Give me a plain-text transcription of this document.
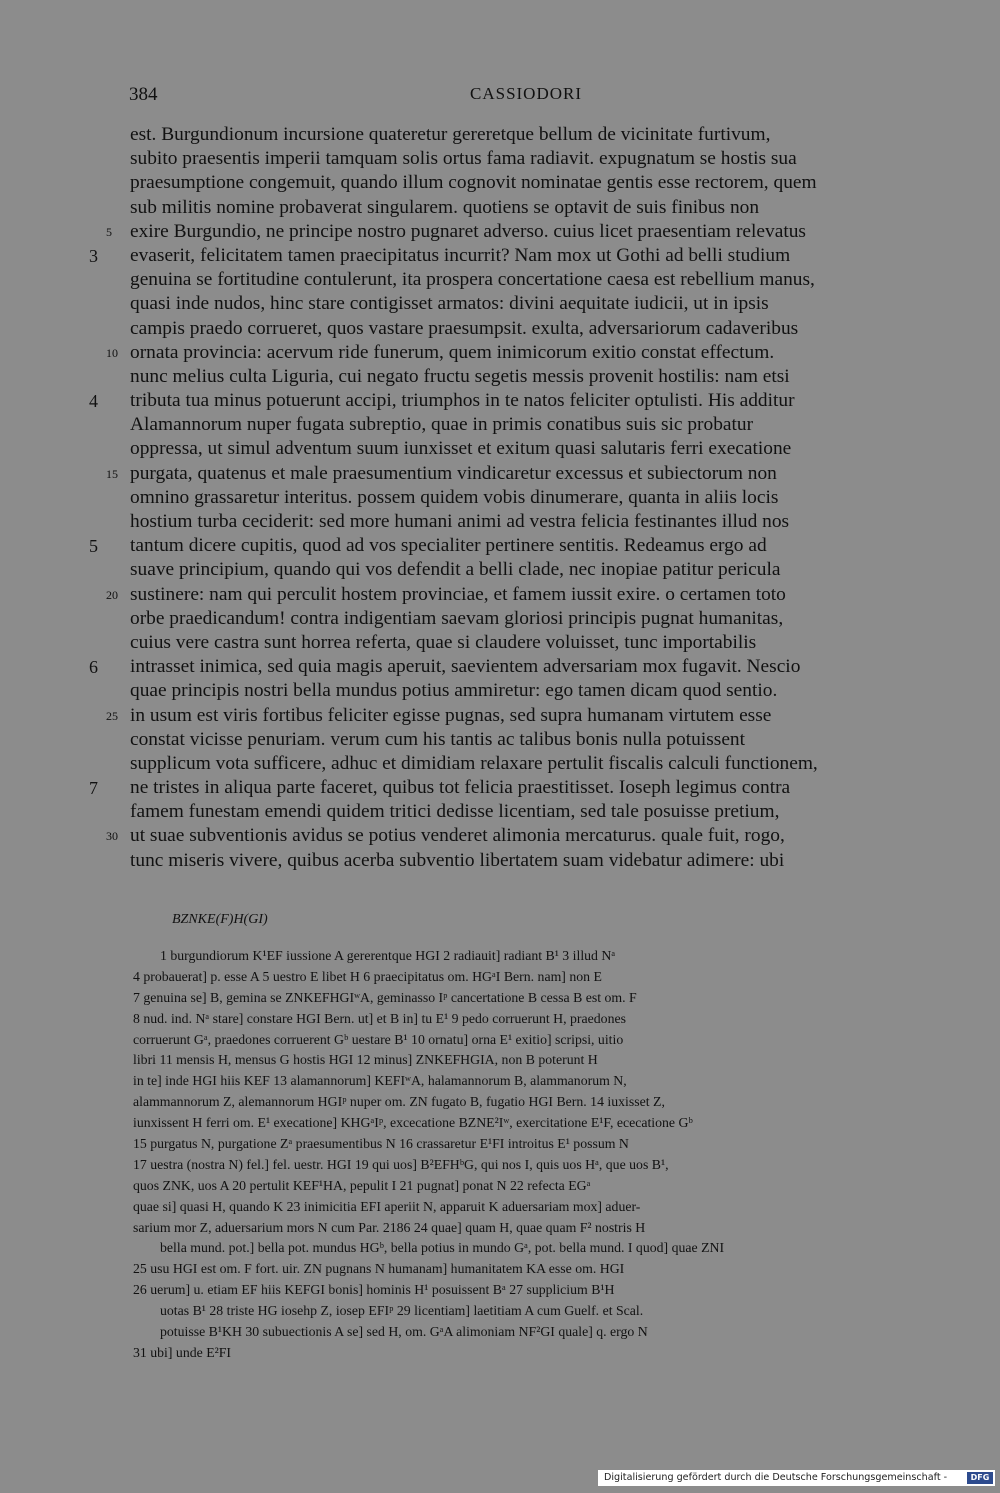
384	CASSIODORI
est. Burgundionum incursione quateretur gereretque bellum de vicinitate furtivum,
subito praesentis imperii tamquam solis ortus fama radiavit. expugnatum se hostis sua
praesumptione congemuit, quando illum cognovit nominatae gentis esse rectorem, quem
sub militis nomine probaverat singularem. quotiens se optavit de suis finibus non
5 exire Burgundio, ne principe nostro pugnaret adverso. cuius licet praesentiam relevatus
3 evaserit, felicitatem tamen praecipitatus incurrit? Nam mox ut Gothi ad belli studium
genuina se fortitudine contulerunt, ita prospera concertatione caesa est rebellium manus,
quasi inde nudos, hinc stare contigisset armatos: divini aequitate iudicii, ut in ipsis
campis praedo corrueret, quos vastare praesumpsit. exulta, adversariorum cadaveribus
10 ornata provincia: acervum ride funerum, quem inimicorum exitio constat effectum.
nunc melius culta Liguria, cui negato fructu segetis messis provenit hostilis: nam etsi
4 tributa tua minus potuerunt accipi, triumphos in te natos feliciter optulisti. His additur
Alamannorum nuper fugata subreptio, quae in primis conatibus suis sic probatur
oppressa, ut simul adventum suum iunxisset et exitum quasi salutaris ferri execatione
15 purgata, quatenus et male praesumentium vindicaretur excessus et subiectorum non
omnino grassaretur interitus. possem quidem vobis dinumerare, quanta in aliis locis
hostium turba ceciderit: sed more humani animi ad vestra felicia festinantes illud nos
5 tantum dicere cupitis, quod ad vos specialiter pertinere sentitis. Redeamus ergo ad
suave principium, quando qui vos defendit a belli clade, nec inopiae patitur pericula
20 sustinere: nam qui perculit hostem provinciae, et famem iussit exire. o certamen toto
orbe praedicandum! contra indigentiam saevam gloriosi principis pugnat humanitas,
cuius vere castra sunt horrea referta, quae si claudere voluisset, tunc importabilis
6 intrasset inimica, sed quia magis aperuit, saevientem adversariam mox fugavit. Nescio
quae principis nostri bella mundus potius ammiretur: ego tamen dicam quod sentio.
25 in usum est viris fortibus feliciter egisse pugnas, sed supra humanam virtutem esse
constat vicisse penuriam. verum cum his tantis ac talibus bonis nulla potuissent
supplicum vota sufficere, adhuc et dimidiam relaxare pertulit fiscalis calculi functionem,
7 ne tristes in aliqua parte faceret, quibus tot felicia praestitisset. Ioseph legimus contra
famem funestam emendi quidem tritici dedisse licentiam, sed tale posuisse pretium,
30 ut suae subventionis avidus se potius venderet alimonia mercaturus. quale fuit, rogo,
tunc miseris vivere, quibus acerba subventio libertatem suam videbatur adimere: ubi
BZNKE(F)H(GI)
1 burgundiorum K¹EF iussione A gererentque HGI 2 radiauit] radiant B¹ 3 illud Nᵃ
4 probauerat] p. esse A 5 uestro E libet H 6 praecipitatus om. HGᵃI Bern. nam] non E
7 genuina se] B, gemina se ZNKEFHGIʷA, geminasso Iᵖ cancertatione B cessa B est om. F
8 nud. ind. Nᵃ stare] constare HGI Bern. ut] et B in] tu E¹ 9 pedo corruerunt H, praedones
corruerunt Gᵃ, praedones corruerent Gᵇ uestare B¹ 10 ornatu] orna E¹ exitio] scripsi, uitio
libri 11 mensis H, mensus G hostis HGI 12 minus] ZNKEFHGIA, non B poterunt H
in te] inde HGI hiis KEF 13 alamannorum] KEFIʷA, halamannorum B, alammanorum N,
alammannorum Z, alemannorum HGIᵖ nuper om. ZN fugato B, fugatio HGI Bern. 14 iuxisset Z,
iunxissent H ferri om. E¹ execatione] KHGᵃIᵖ, excecatione BZNE²Iʷ, exercitatione E¹F, ececatione Gᵇ
15 purgatus N, purgatione Zᵃ praesumentibus N 16 crassaretur E¹FI introitus E¹ possum N
17 uestra (nostra N) fel.] fel. uestr. HGI 19 qui uos] B²EFHᵇG, qui nos I, quis uos Hᵃ, que uos B¹,
quos ZNK, uos A 20 pertulit KEF¹HA, pepulit I 21 pugnat] ponat N 22 refecta EGᵃ
quae si] quasi H, quando K 23 inimicitia EFI aperiit N, apparuit K aduersariam mox] aduer-
sarium mor Z, aduersarium mors N cum Par. 2186 24 quae] quam H, quae quam F² nostris H
bella mund. pot.] bella pot. mundus HGᵇ, bella potius in mundo Gᵃ, pot. bella mund. I quod] quae ZNI
25 usu HGI est om. F fort. uir. ZN pugnans N humanam] humanitatem KA esse om. HGI
26 uerum] u. etiam EF hiis KEFGI bonis] hominis H¹ posuissent Bᵃ 27 supplicium B¹H
uotas B¹ 28 triste HG iosehp Z, iosep EFIᵖ 29 licentiam] laetitiam A cum Guelf. et Scal.
potuisse B¹KH 30 subuectionis A se] sed H, om. GᵃA alimoniam NF²GI quale] q. ergo N
31 ubi] unde E²FI
Digitalisierung gefördert durch die Deutsche Forschungsgemeinschaft -	DFG
